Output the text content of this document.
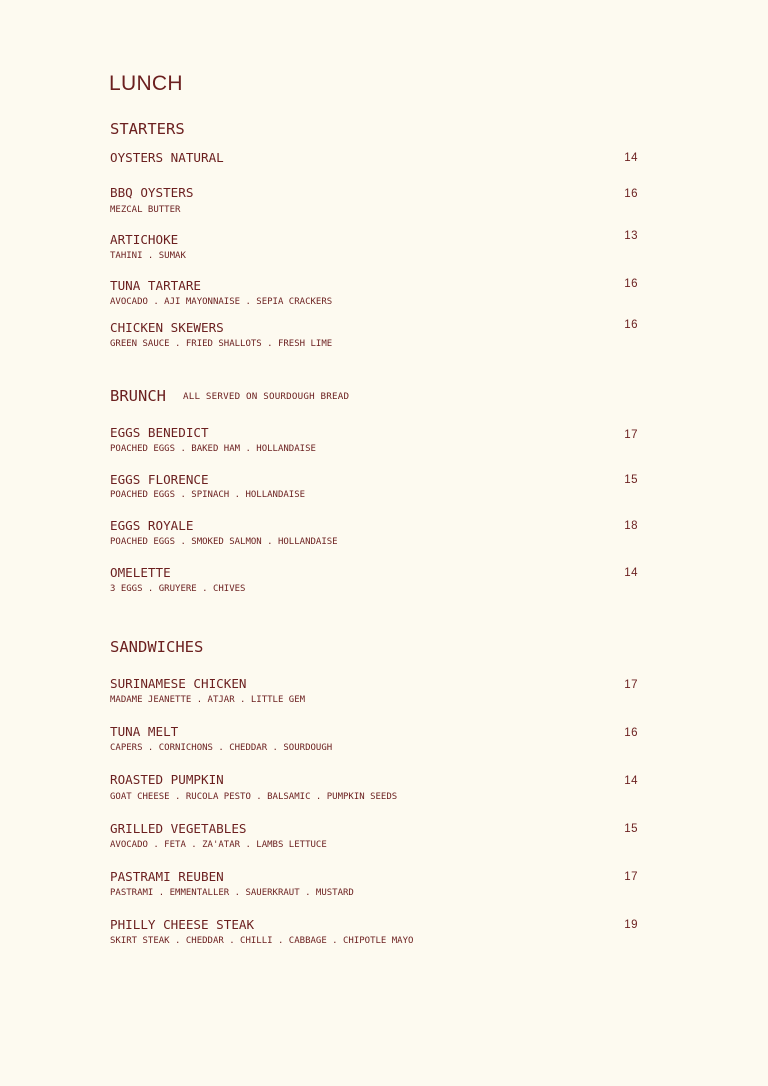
LUNCH
STARTERS
OYSTERS NATURAL	14
BBQ OYSTERS
MEZCAL BUTTER
16
ARTICHOKE
TAHINI . SUMAK
13
TUNA TARTARE
AVOCADO . AJI MAYONNAISE . SEPIA CRACKERS
16
CHICKEN SKEWERS
GREEN SAUCE . FRIED SHALLOTS . FRESH LIME
16
BRUNCH ALL SERVED ON SOURDOUGH BREAD
EGGS BENEDICT
POACHED EGGS . BAKED HAM . HOLLANDAISE
17
EGGS FLORENCE
POACHED EGGS . SPINACH . HOLLANDAISE
15
EGGS ROYALE
POACHED EGGS . SMOKED SALMON . HOLLANDAISE
18
OMELETTE
3 EGGS . GRUYERE . CHIVES
14
SANDWICHES
SURINAMESE CHICKEN
MADAME JEANETTE . ATJAR . LITTLE GEM
17
TUNA MELT
CAPERS . CORNICHONS . CHEDDAR . SOURDOUGH
16
ROASTED PUMPKIN
GOAT CHEESE . RUCOLA PESTO . BALSAMIC . PUMPKIN SEEDS
14
GRILLED VEGETABLES
AVOCADO . FETA . ZA'ATAR . LAMBS LETTUCE
15
PASTRAMI REUBEN
PASTRAMI . EMMENTALLER . SAUERKRAUT . MUSTARD
17
PHILLY CHEESE STEAK
SKIRT STEAK . CHEDDAR . CHILLI . CABBAGE . CHIPOTLE MAYO
19
